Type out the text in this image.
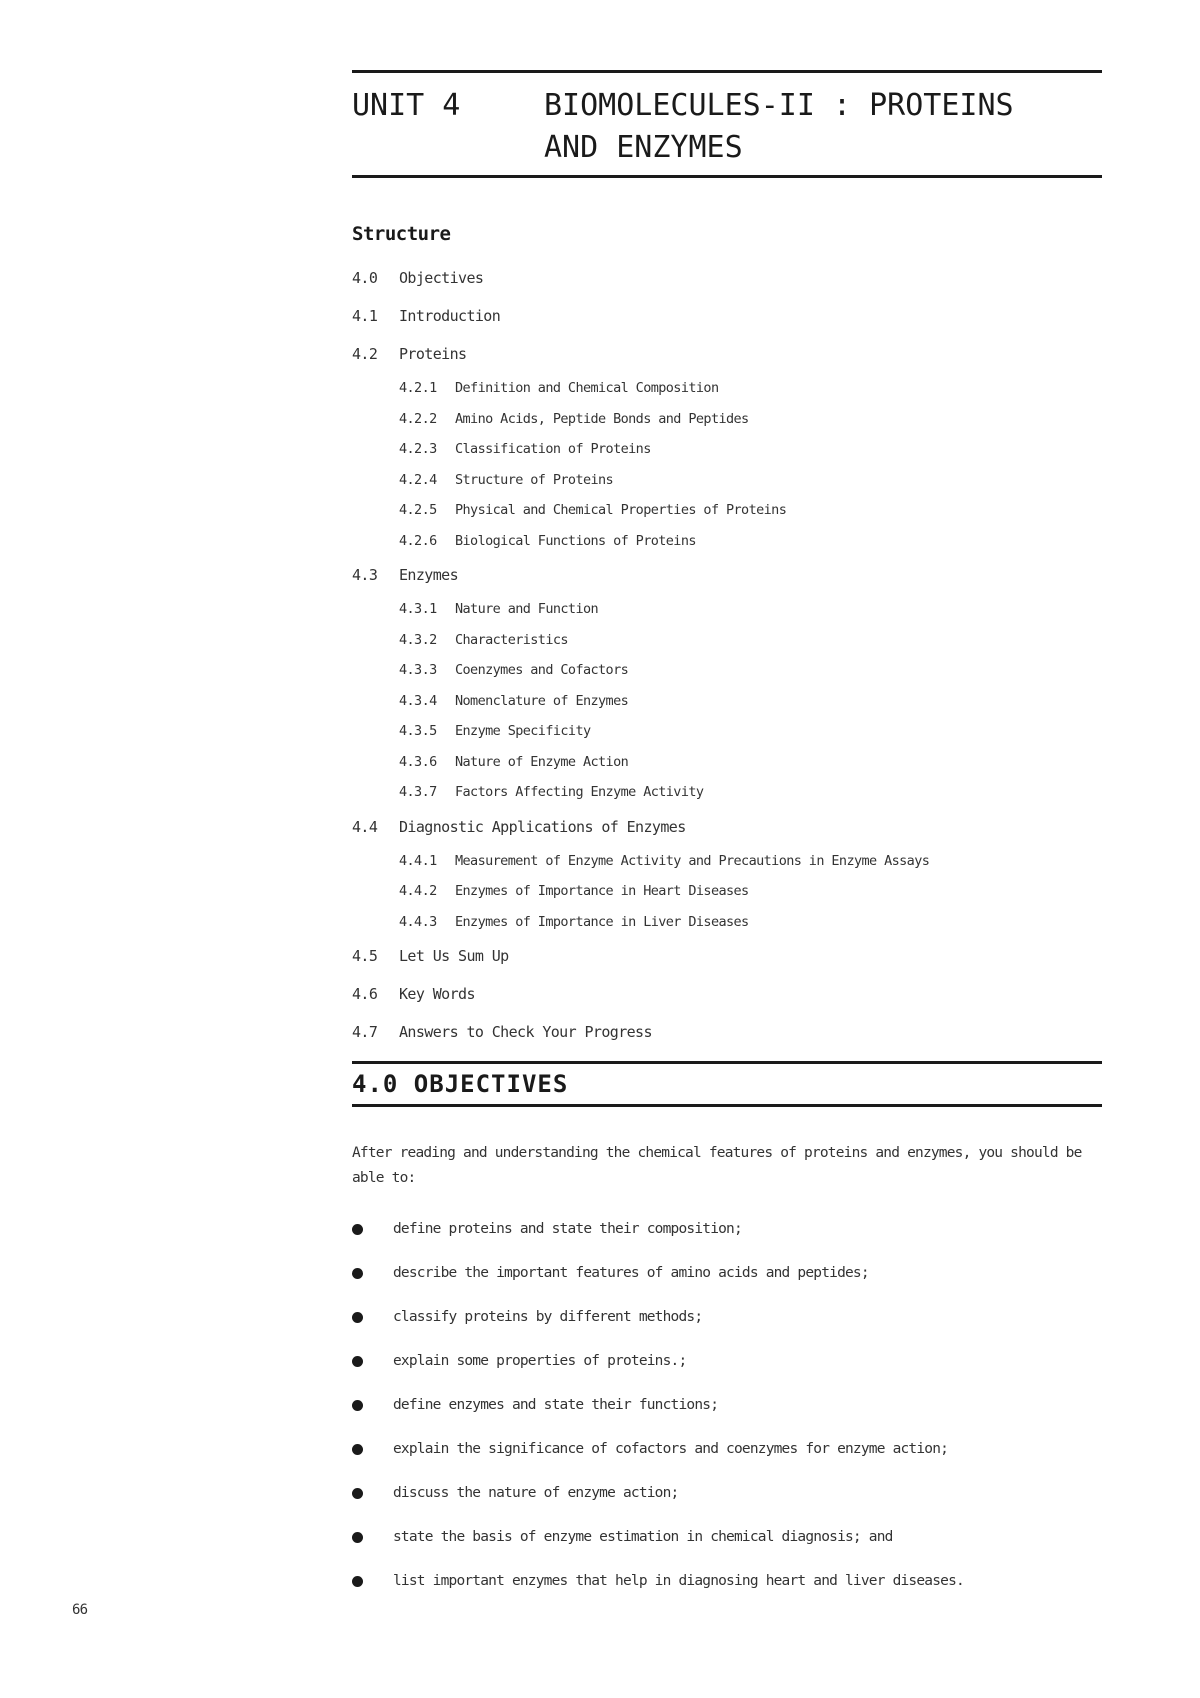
UNIT 4	BIOMOLECULES-II : PROTEINS
AND ENZYMES
Structure
4.0	Objectives
4.1	Introduction
4.2	Proteins
4.2.1	Definition and Chemical Composition
4.2.2	Amino Acids, Peptide Bonds and Peptides
4.2.3	Classification of Proteins
4.2.4	Structure of Proteins
4.2.5	Physical and Chemical Properties of Proteins
4.2.6	Biological Functions of Proteins
4.3	Enzymes
4.3.1	Nature and Function
4.3.2	Characteristics
4.3.3	Coenzymes and Cofactors
4.3.4	Nomenclature of Enzymes
4.3.5	Enzyme Specificity
4.3.6	Nature of Enzyme Action
4.3.7	Factors Affecting Enzyme Activity
4.4	Diagnostic Applications of Enzymes
4.4.1	Measurement of Enzyme Activity and Precautions in Enzyme Assays
4.4.2	Enzymes of Importance in Heart Diseases
4.4.3	Enzymes of Importance in Liver Diseases
4.5	Let Us Sum Up
4.6	Key Words
4.7	Answers to Check Your Progress
4.0 OBJECTIVES
After reading and understanding the chemical features of proteins and enzymes, you should be able to:
define proteins and state their composition;
describe the important features of amino acids and peptides;
classify proteins by different methods;
explain some properties of proteins.;
define enzymes and state their functions;
explain the significance of cofactors and coenzymes for enzyme action;
discuss the nature of enzyme action;
state the basis of enzyme estimation in chemical diagnosis; and
list important enzymes that help in diagnosing heart and liver diseases.
66
